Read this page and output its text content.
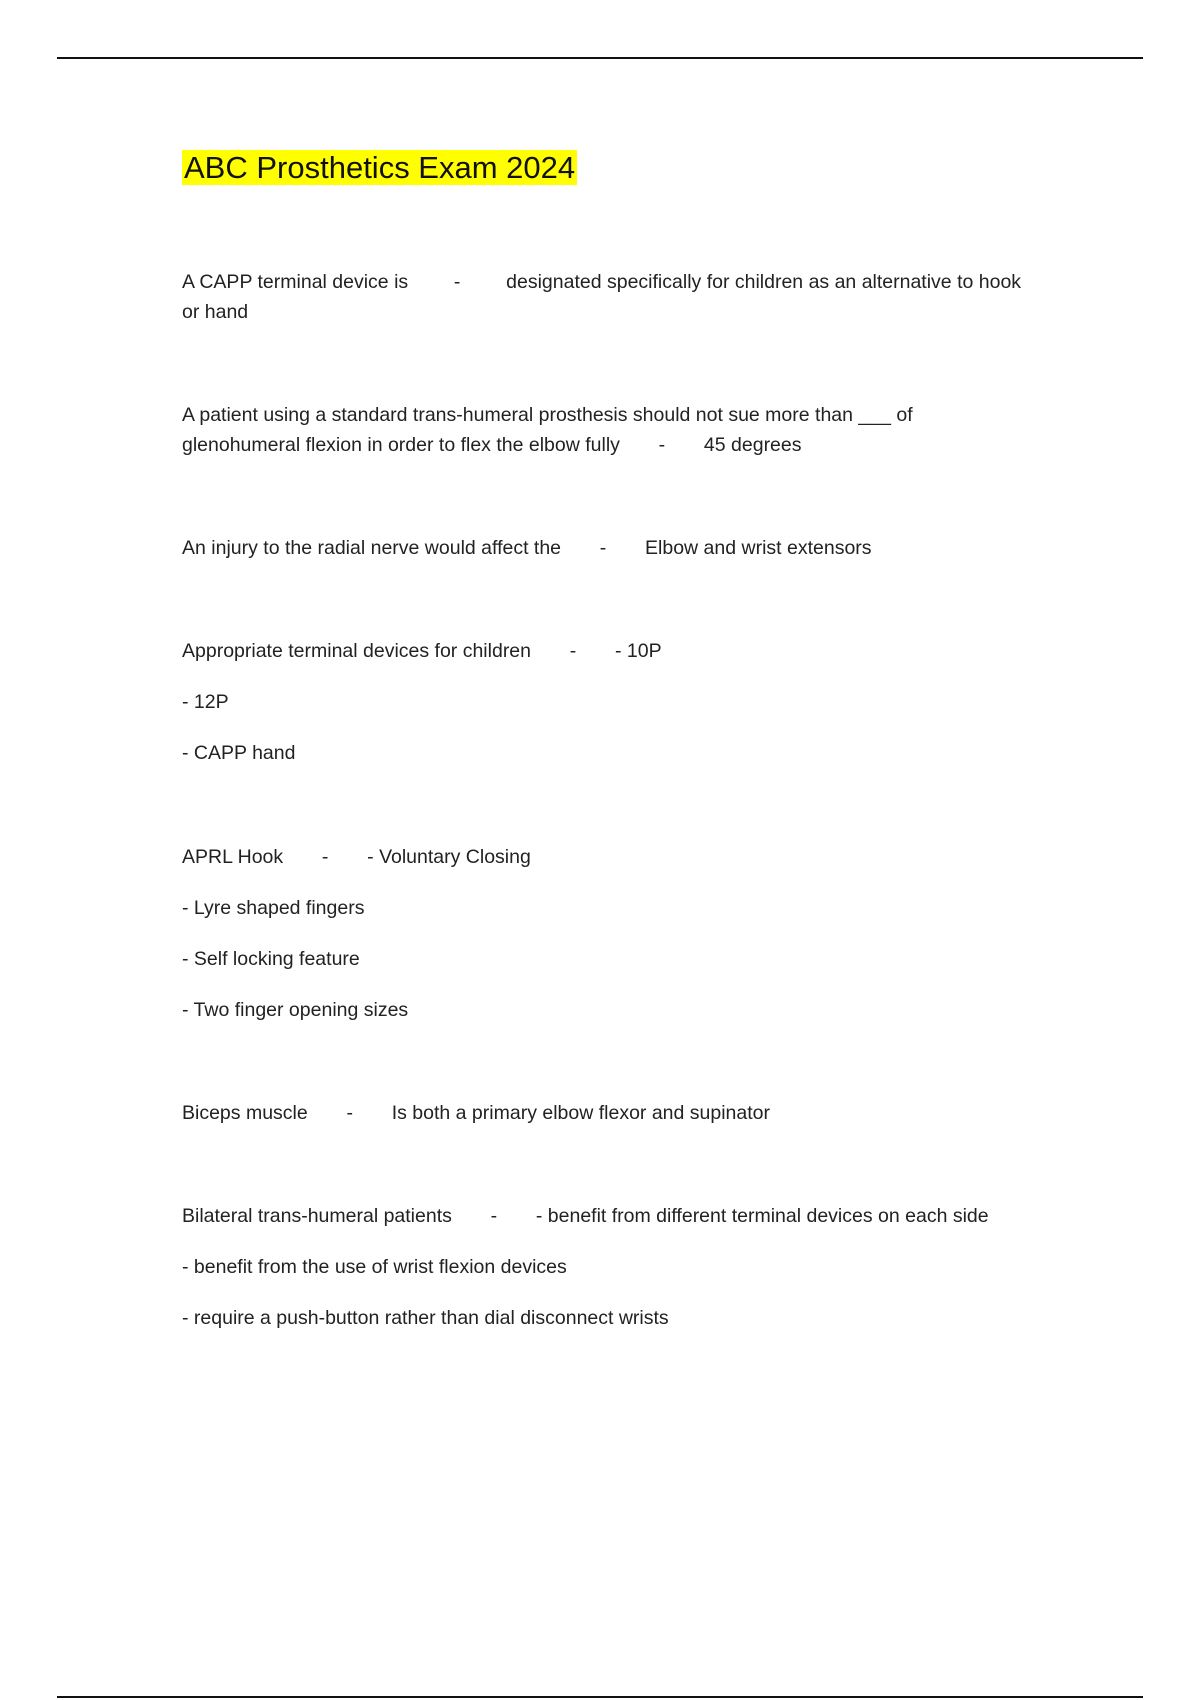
ABC Prosthetics Exam 2024
A CAPP terminal device is - designated specifically for children as an alternative to hook
or hand
A patient using a standard trans-humeral prosthesis should not sue more than ___ of
glenohumeral flexion in order to flex the elbow fully - 45 degrees
An injury to the radial nerve would affect the - Elbow and wrist extensors
Appropriate terminal devices for children - - 10P
- 12P
- CAPP hand
APRL Hook - - Voluntary Closing
- Lyre shaped fingers
- Self locking feature
- Two finger opening sizes
Biceps muscle - Is both a primary elbow flexor and supinator
Bilateral trans-humeral patients - - benefit from different terminal devices on each side
- benefit from the use of wrist flexion devices
- require a push-button rather than dial disconnect wrists
